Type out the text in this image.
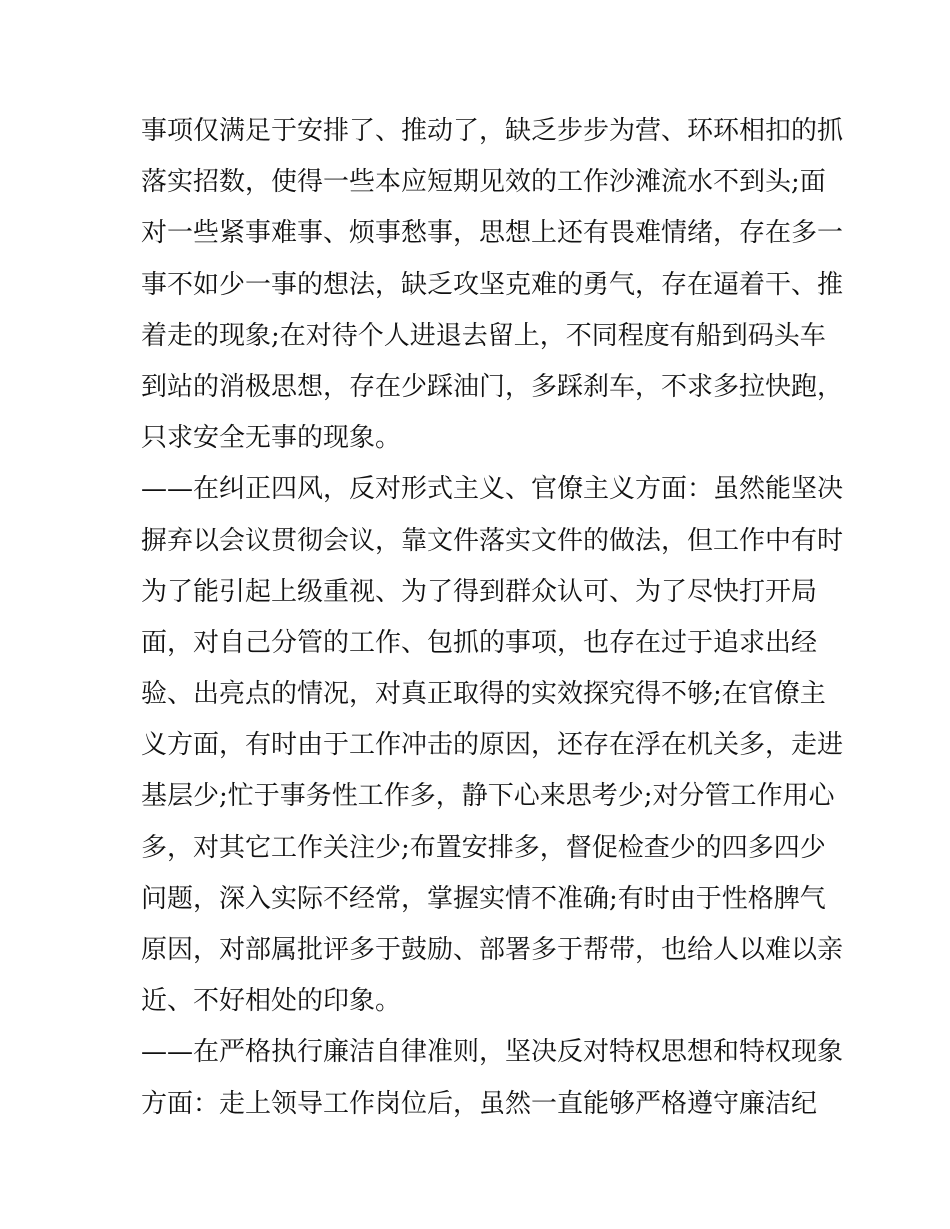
事项仅满足于安排了、推动了，缺乏步步为营、环环相扣的抓
落实招数，使得一些本应短期见效的工作沙滩流水不到头;面
对一些紧事难事、烦事愁事，思想上还有畏难情绪，存在多一
事不如少一事的想法，缺乏攻坚克难的勇气，存在逼着干、推
着走的现象;在对待个人进退去留上，不同程度有船到码头车
到站的消极思想，存在少踩油门，多踩刹车，不求多拉快跑，
只求安全无事的现象。
——在纠正四风，反对形式主义、官僚主义方面：虽然能坚决
摒弃以会议贯彻会议，靠文件落实文件的做法，但工作中有时
为了能引起上级重视、为了得到群众认可、为了尽快打开局
面，对自己分管的工作、包抓的事项，也存在过于追求出经
验、出亮点的情况，对真正取得的实效探究得不够;在官僚主
义方面，有时由于工作冲击的原因，还存在浮在机关多，走进
基层少;忙于事务性工作多，静下心来思考少;对分管工作用心
多，对其它工作关注少;布置安排多，督促检查少的四多四少
问题，深入实际不经常，掌握实情不准确;有时由于性格脾气
原因，对部属批评多于鼓励、部署多于帮带，也给人以难以亲
近、不好相处的印象。
——在严格执行廉洁自律准则，坚决反对特权思想和特权现象
方面：走上领导工作岗位后，虽然一直能够严格遵守廉洁纪
